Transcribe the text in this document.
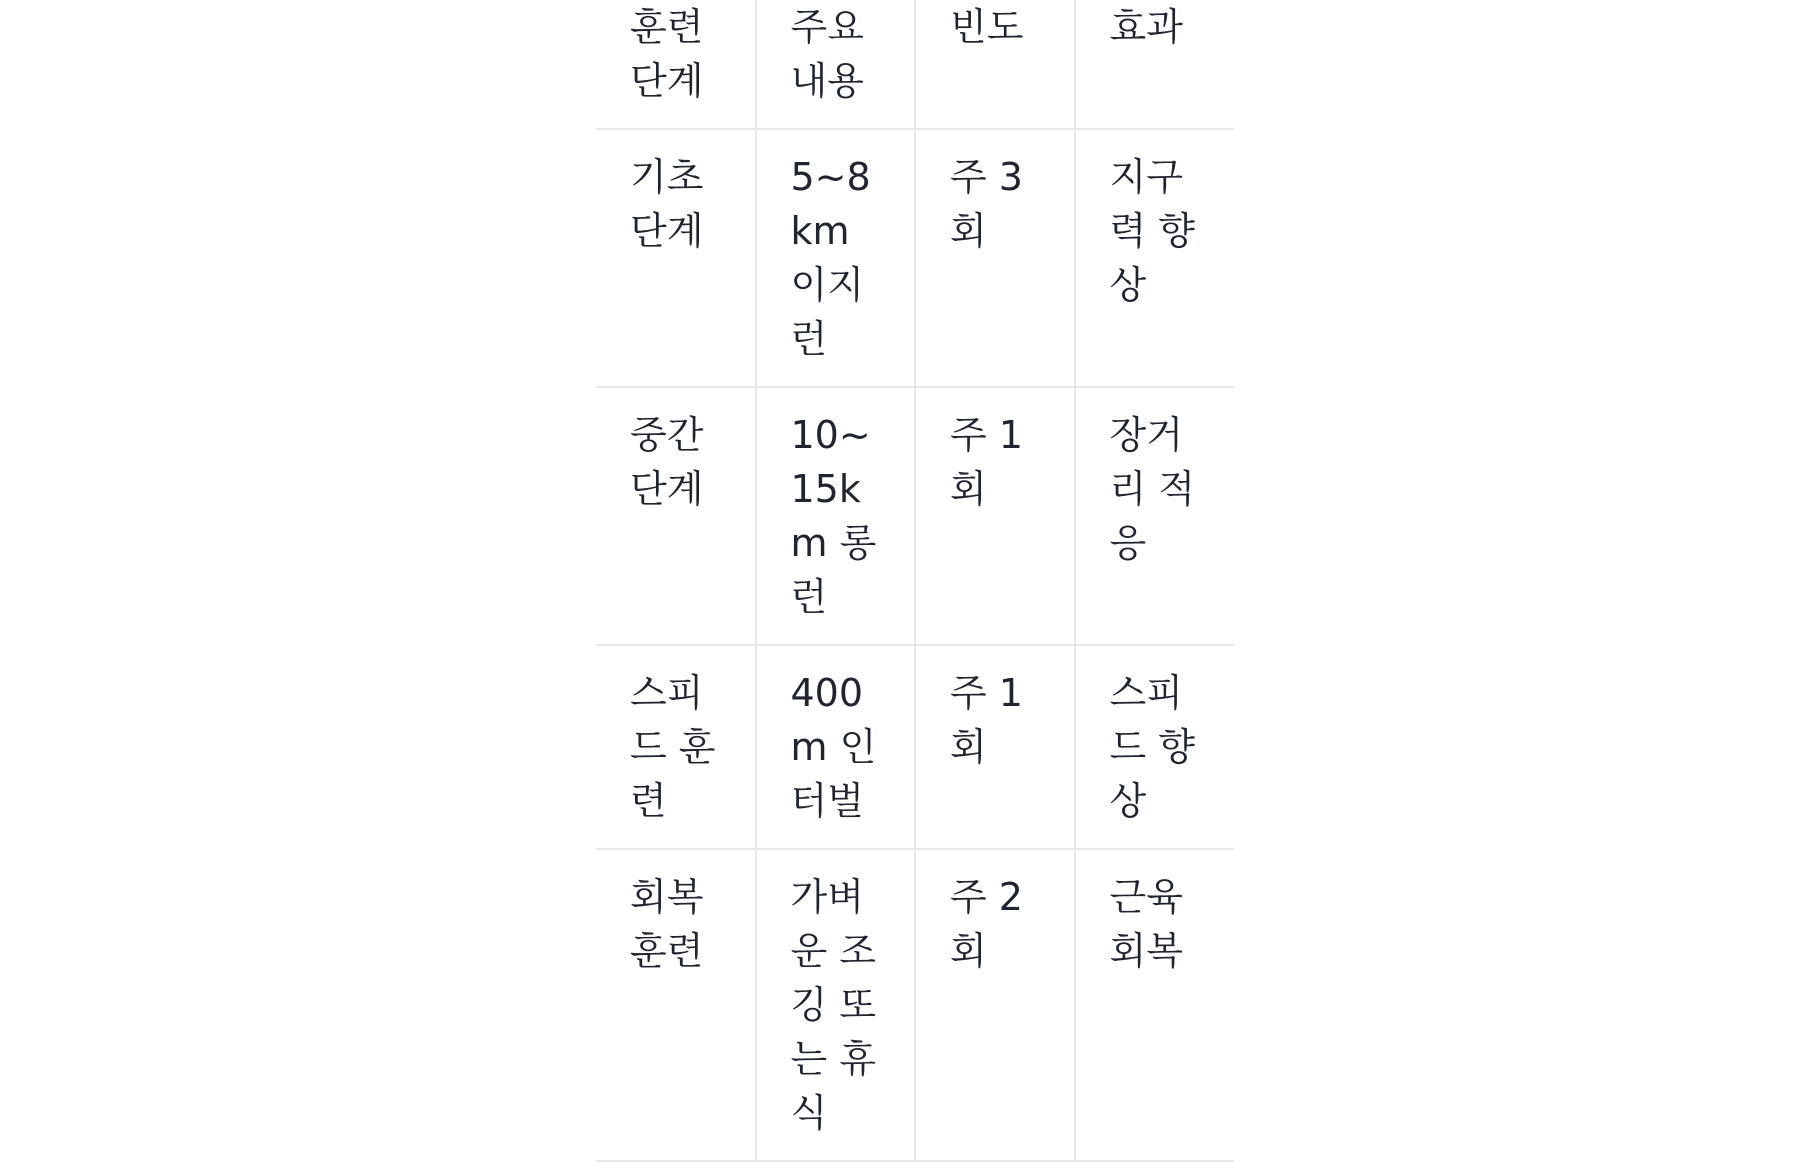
훈련 단계	주요 내용	빈도	효과
기초 단계	5~8 km 이지런	주 3회	지구력 향상
중간 단계	10~15km 롱런	주 1회	장거리 적응
스피드 훈련	400m 인터벌	주 1회	스피드 향상
회복 훈련	가벼운 조깅 또는 휴식	주 2회	근육 회복
